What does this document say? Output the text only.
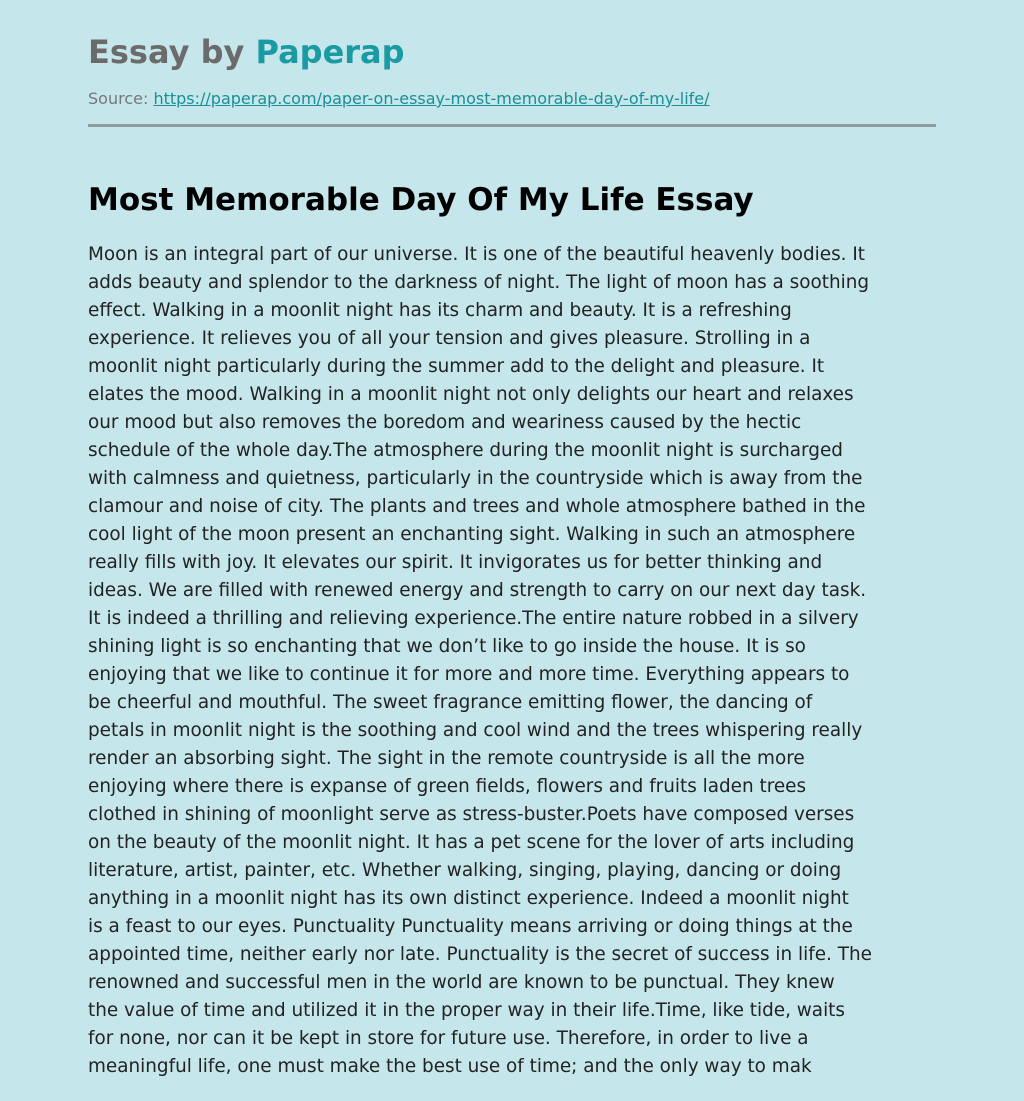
Essay by Paperap
Source: https://paperap.com/paper-on-essay-most-memorable-day-of-my-life/
Most Memorable Day Of My Life Essay
Moon is an integral part of our universe. It is one of the beautiful heavenly bodies. It
adds beauty and splendor to the darkness of night. The light of moon has a soothing
effect. Walking in a moonlit night has its charm and beauty. It is a refreshing
experience. It relieves you of all your tension and gives pleasure. Strolling in a
moonlit night particularly during the summer add to the delight and pleasure. It
elates the mood. Walking in a moonlit night not only delights our heart and relaxes
our mood but also removes the boredom and weariness caused by the hectic
schedule of the whole day.The atmosphere during the moonlit night is surcharged
with calmness and quietness, particularly in the countryside which is away from the
clamour and noise of city. The plants and trees and whole atmosphere bathed in the
cool light of the moon present an enchanting sight. Walking in such an atmosphere
really fills with joy. It elevates our spirit. It invigorates us for better thinking and
ideas. We are filled with renewed energy and strength to carry on our next day task.
It is indeed a thrilling and relieving experience.The entire nature robbed in a silvery
shining light is so enchanting that we don’t like to go inside the house. It is so
enjoying that we like to continue it for more and more time. Everything appears to
be cheerful and mouthful. The sweet fragrance emitting flower, the dancing of
petals in moonlit night is the soothing and cool wind and the trees whispering really
render an absorbing sight. The sight in the remote countryside is all the more
enjoying where there is expanse of green fields, flowers and fruits laden trees
clothed in shining of moonlight serve as stress-buster.Poets have composed verses
on the beauty of the moonlit night. It has a pet scene for the lover of arts including
literature, artist, painter, etc. Whether walking, singing, playing, dancing or doing
anything in a moonlit night has its own distinct experience. Indeed a moonlit night
is a feast to our eyes. Punctuality Punctuality means arriving or doing things at the
appointed time, neither early nor late. Punctuality is the secret of success in life. The
renowned and successful men in the world are known to be punctual. They knew
the value of time and utilized it in the proper way in their life.Time, like tide, waits
for none, nor can it be kept in store for future use. Therefore, in order to live a
meaningful life, one must make the best use of time; and the only way to mak
